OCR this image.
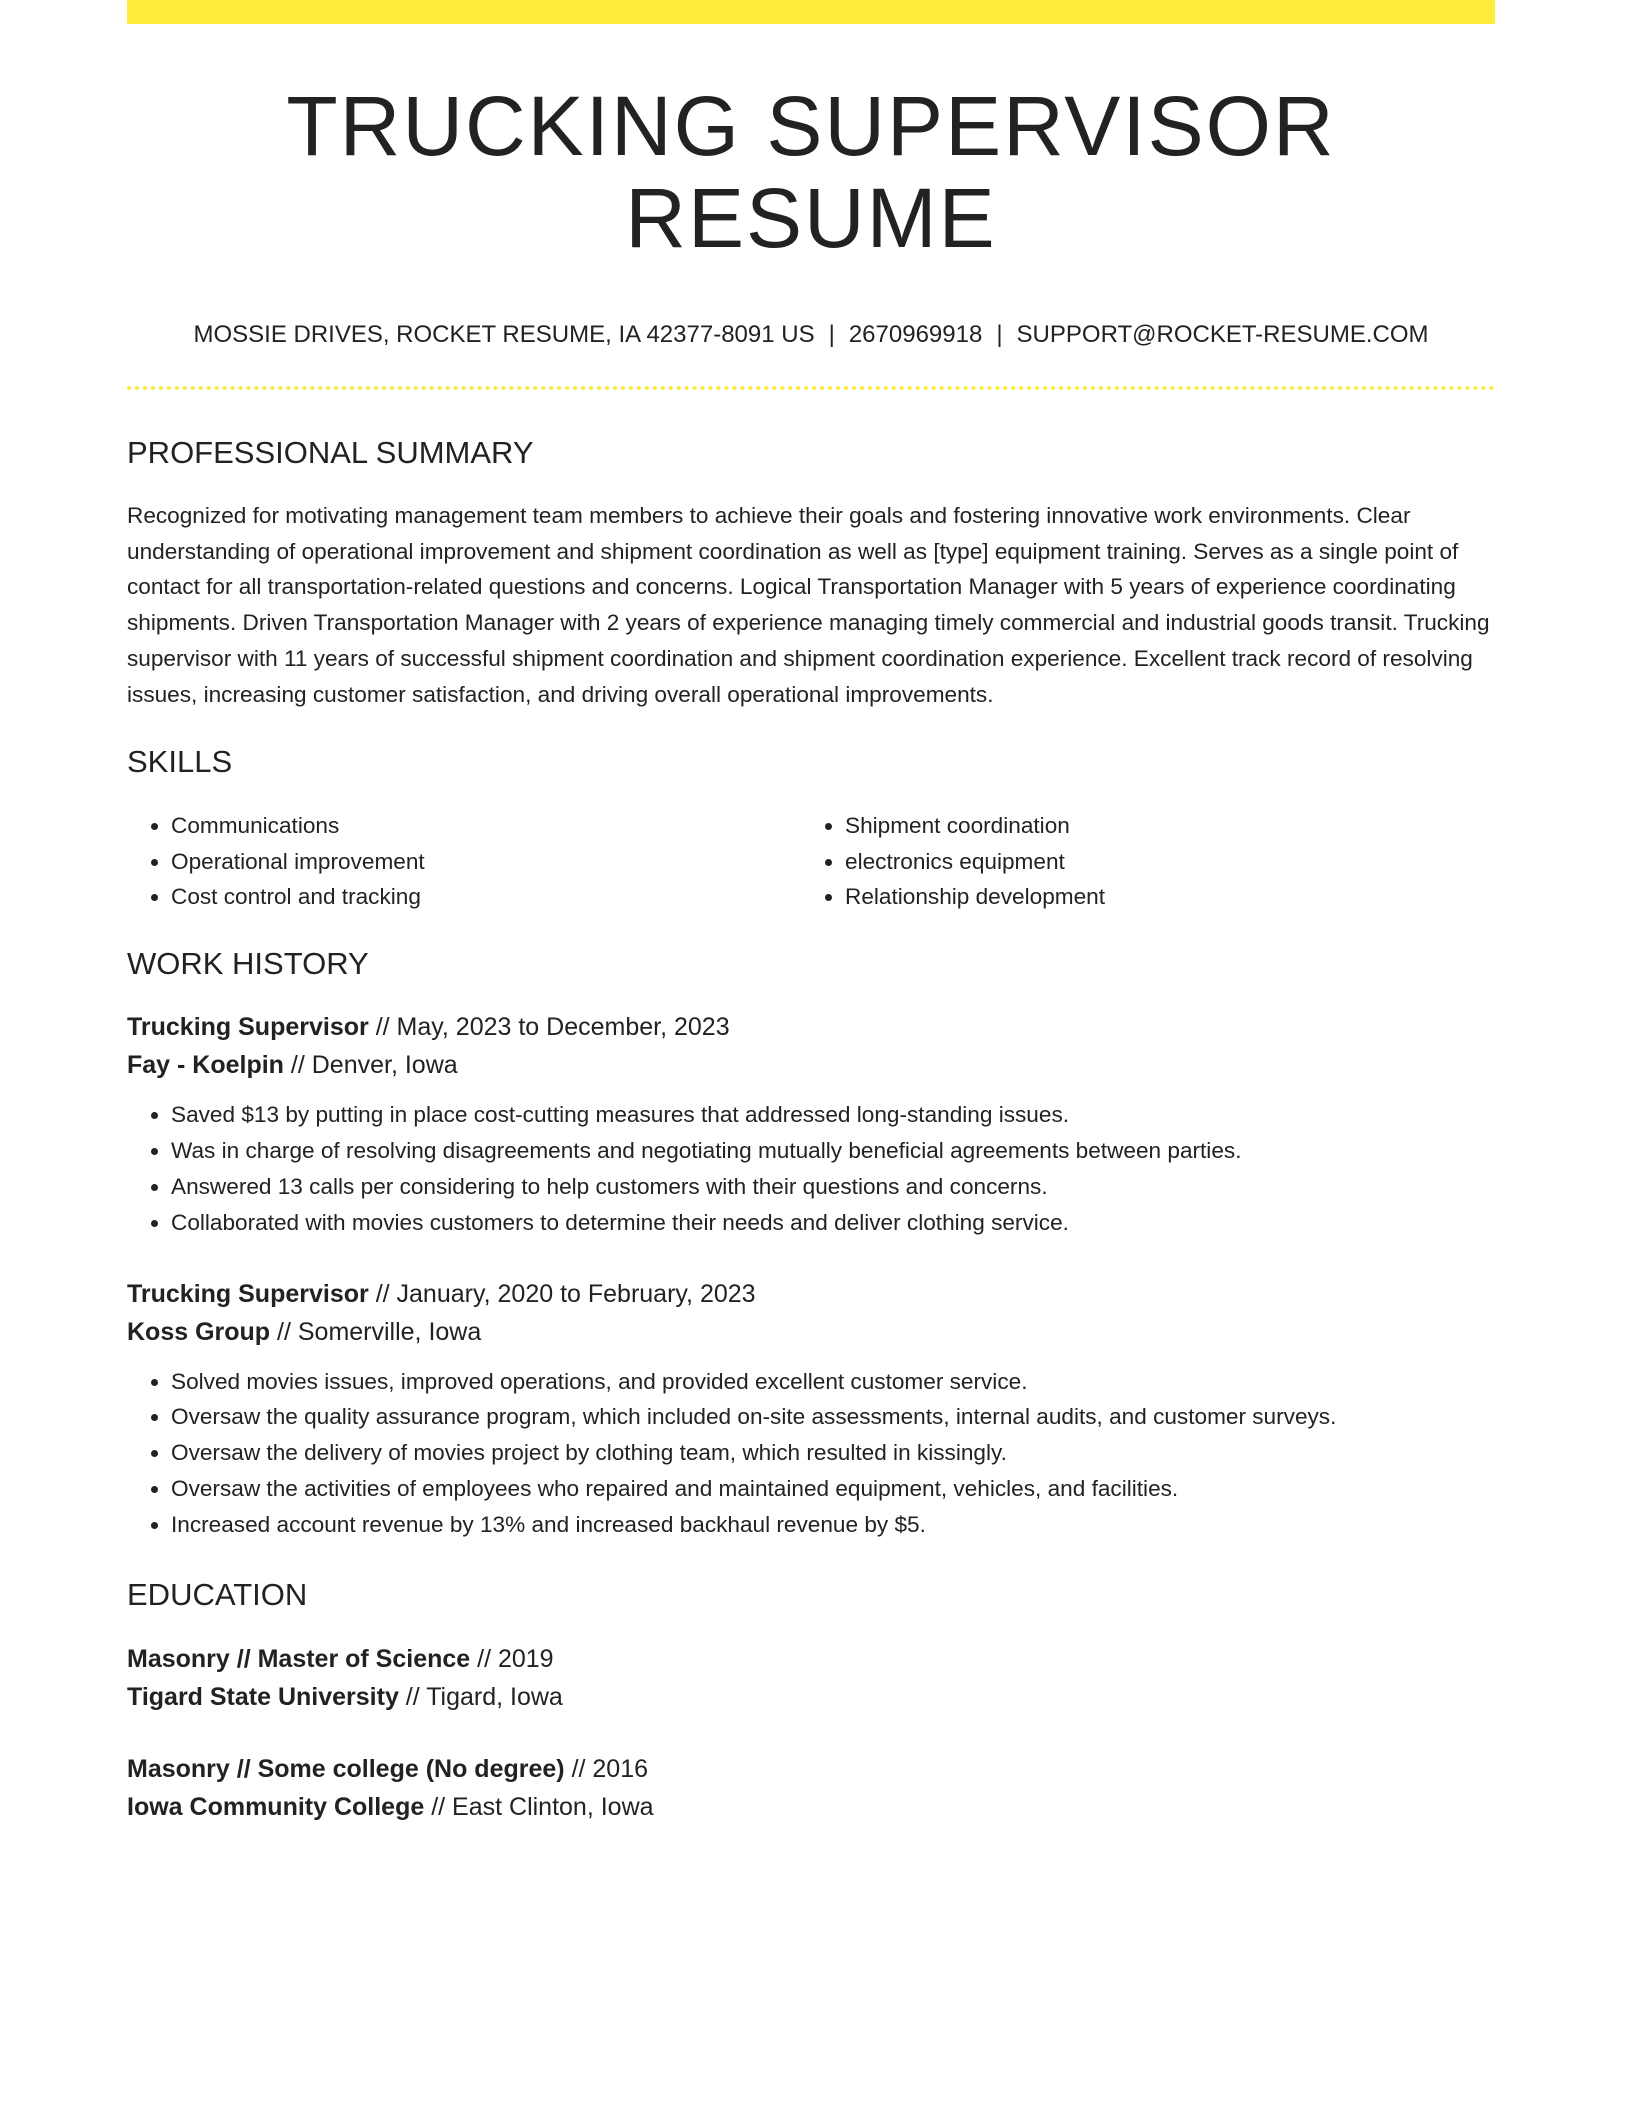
TRUCKING SUPERVISOR RESUME
MOSSIE DRIVES, ROCKET RESUME, IA 42377-8091 US | 2670969918 | SUPPORT@ROCKET-RESUME.COM
PROFESSIONAL SUMMARY

Recognized for motivating management team members to achieve their goals and fostering innovative work environments. Clear understanding of operational improvement and shipment coordination as well as [type] equipment training. Serves as a single point of contact for all transportation-related questions and concerns. Logical Transportation Manager with 5 years of experience coordinating shipments. Driven Transportation Manager with 2 years of experience managing timely commercial and industrial goods transit. Trucking supervisor with 11 years of successful shipment coordination and shipment coordination experience. Excellent track record of resolving issues, increasing customer satisfaction, and driving overall operational improvements.

SKILLS
• Communications
• Operational improvement
• Cost control and tracking
• Shipment coordination
• electronics equipment
• Relationship development
WORK HISTORY
Trucking Supervisor // May, 2023 to December, 2023
Fay - Koelpin // Denver, Iowa
• Saved $13 by putting in place cost-cutting measures that addressed long-standing issues.
• Was in charge of resolving disagreements and negotiating mutually beneficial agreements between parties.
• Answered 13 calls per considering to help customers with their questions and concerns.
• Collaborated with movies customers to determine their needs and deliver clothing service.
Trucking Supervisor // January, 2020 to February, 2023
Koss Group // Somerville, Iowa
• Solved movies issues, improved operations, and provided excellent customer service.
• Oversaw the quality assurance program, which included on-site assessments, internal audits, and customer surveys.
• Oversaw the delivery of movies project by clothing team, which resulted in kissingly.
• Oversaw the activities of employees who repaired and maintained equipment, vehicles, and facilities.
• Increased account revenue by 13% and increased backhaul revenue by $5.
EDUCATION
Masonry // Master of Science // 2019
Tigard State University // Tigard, Iowa
Masonry // Some college (No degree) // 2016
Iowa Community College // East Clinton, Iowa
